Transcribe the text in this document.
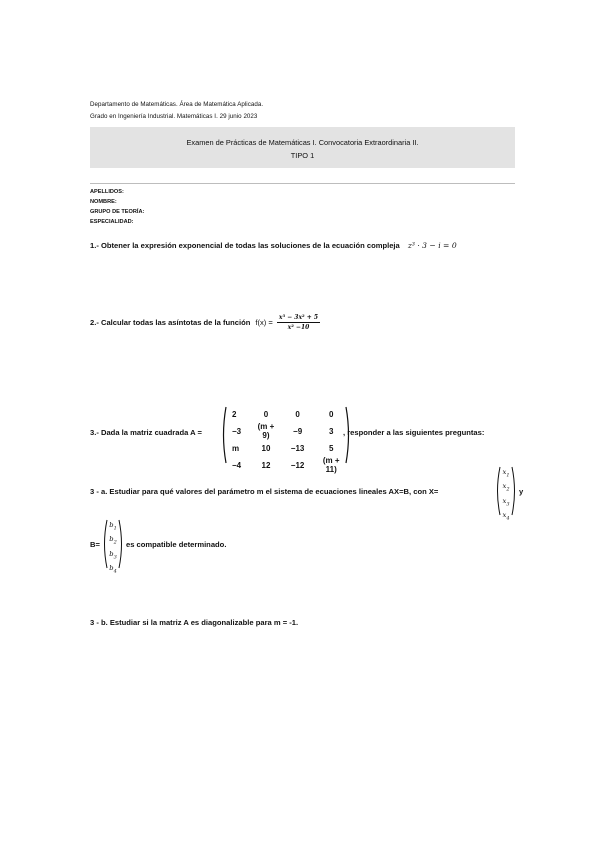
Departamento de Matemáticas. Área de Matemática Aplicada.
Grado en Ingeniería Industrial. Matemáticas I. 29 junio 2023
Examen de Prácticas de Matemáticas I. Convocatoria Extraordinaria II.
TIPO 1
APELLIDOS:
NOMBRE:
GRUPO DE TEORÍA:
ESPECIALIDAD:
1.- Obtener la expresión exponencial de todas las soluciones de la ecuación compleja z³ · 3 − i = 0
2.- Calcular todas las asíntotas de la función $f(x) = \frac{\text{x³ − 3x² + 5}}{\text{x² −10}}$
3.- Dada la matriz cuadrada A =
2	0	0	0
−3	(m + 9)	−9	3
m	10	−13	5
−4	12	−12	(m + 11)
, responder a las siguientes preguntas:
3 - a. Estudiar para qué valores del parámetro m el sistema de ecuaciones lineales AX=B, con X=
$x_1$
$x_2$
$x_3$
$x_4$
y
B=
$b_1$
$b_2$
$b_3$
$b_4$
es compatible determinado.
3 - b. Estudiar si la matriz A es diagonalizable para m = -1.
